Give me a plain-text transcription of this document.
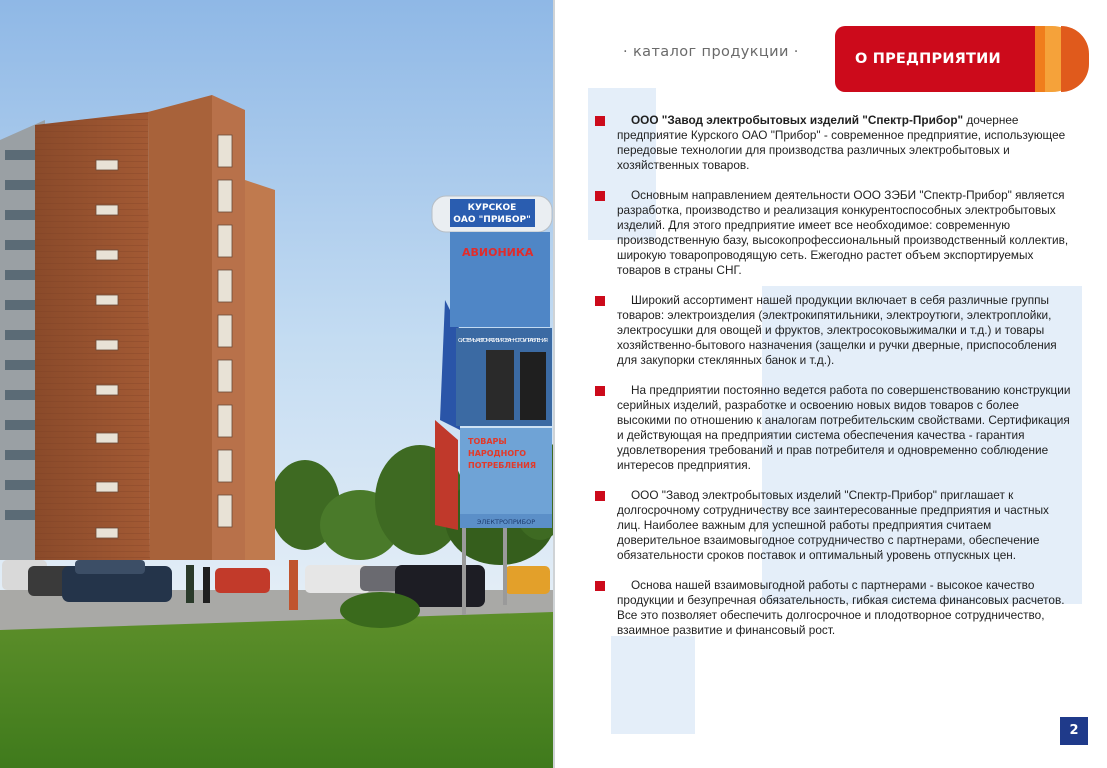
КУРСКОЕ
ОАО "ПРИБОР"
АВИОНИКА
СИСТЕМЫ АВТОМАТИЗИРОВАННОГО УПРАВЛЕНИЯ
ТОВАРЫ
НАРОДНОГО
ПОТРЕБЛЕНИЯ
ЭЛЕКТРОПРИБОР
· каталог продукции ·	О ПРЕДПРИЯТИИ

ООО "Завод электробытовых изделий "Спектр-Прибор" дочернее предприятие Курского ОАО "Прибор" - современное предприятие, использующее передовые технологии для производства различных электробытовых и хозяйственных товаров.

Основным направлением деятельности ООО ЗЭБИ "Спектр-Прибор" является разработка, производство и реализация конкурентоспособных электробытовых изделий. Для этого предприятие имеет все необходимое: современную производственную базу, высокопрофессиональный производственный коллектив, широкую товаропроводящую сеть. Ежегодно растет объем экспортируемых товаров в страны СНГ.

Широкий ассортимент нашей продукции включает в себя различные группы товаров: электроизделия (электрокипятильники, электроутюги, электроплойки, электросушки для овощей и фруктов, электросоковыжималки и т.д.) и товары хозяйственно-бытового назначения (защелки и ручки дверные, приспособления для закупорки стеклянных банок и т.д.).

На предприятии постоянно ведется работа по совершенствованию конструкции серийных изделий, разработке и освоению новых видов товаров с более высокими по отношению к аналогам потребительским свойствами. Сертификация и действующая на предприятии система обеспечения качества - гарантия удовлетворения требований и прав потребителя и одновременно соблюдение интересов предприятия.

ООО "Завод электробытовых изделий "Спектр-Прибор" приглашает к долгосрочному сотрудничеству все заинтересованные предприятия и частных лиц. Наиболее важным для успешной работы предприятия считаем доверительное взаимовыгодное сотрудничество с партнерами, обеспечение обязательности сроков поставок и оптимальный уровень отпускных цен.

Основа нашей взаимовыгодной работы с партнерами - высокое качество продукции и безупречная обязательность, гибкая система финансовых расчетов. Все это позволяет обеспечить долгосрочное и плодотворное сотрудничество, взаимное развитие и финансовый рост.

2
